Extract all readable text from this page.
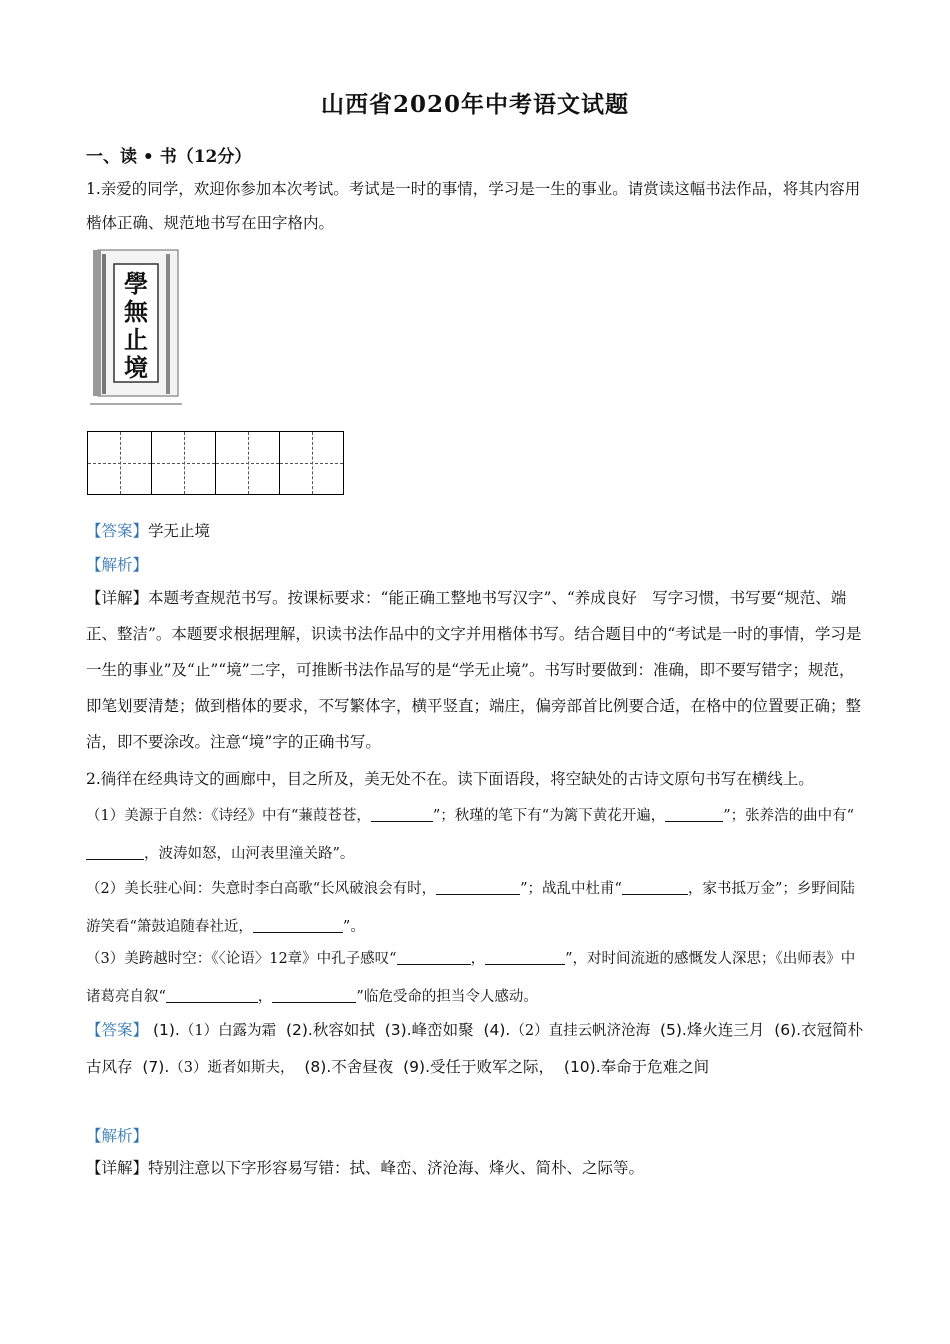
山西省2020年中考语文试题
一、读 • 书（12分）

1.亲爱的同学，欢迎你参加本次考试。考试是一时的事情，学习是一生的事业。请赏读这幅书法作品，将其内容用楷体正确、规范地书写在田字格内。

學
無
止
境

【答案】学无止境

【解析】

【详解】本题考查规范书写。按课标要求：“能正确工整地书写汉字”、“养成良好　写字习惯，书写要“规范、端正、整洁”。本题要求根据理解，识读书法作品中的文字并用楷体书写。结合题目中的“考试是一时的事情，学习是一生的事业”及“止”“境”二字，可推断书法作品写的是“学无止境”。书写时要做到：准确，即不要写错字；规范，即笔划要清楚；做到楷体的要求，不写繁体字，横平竖直；端庄，偏旁部首比例要合适，在格中的位置要正确；整洁，即不要涂改。注意“境”字的正确书写。

2.徜徉在经典诗文的画廊中，目之所及，美无处不在。读下面语段，将空缺处的古诗文原句书写在横线上。

（1）美源于自然：《诗经》中有“蒹葭苍苍，	”；秋瑾的笔下有“为篱下黄花开遍，	”；张养浩的曲中有“，波涛如怒，山河表里潼关路”。

（2）美长驻心间：失意时李白高歌“长风破浪会有时，	”；战乱中杜甫“	，家书抵万金”；乡野间陆游笑看“箫鼓追随春社近，	”。

（3）美跨越时空：《〈论语〉12章》中孔子感叹“	，	”，对时间流逝的感慨发人深思；《出师表》中诸葛亮自叙“	，	”临危受命的担当令人感动。

【答案】 (1).（1）白露为霜 (2).秋容如拭 (3).峰峦如聚 (4).（2）直挂云帆济沧海 (5).烽火连三月 (6).衣冠简朴古风存 (7).（3）逝者如斯夫， (8).不舍昼夜 (9).受任于败军之际， (10).奉命于危难之间

【解析】

【详解】特别注意以下字形容易写错：拭、峰峦、济沧海、烽火、简朴、之际等。
